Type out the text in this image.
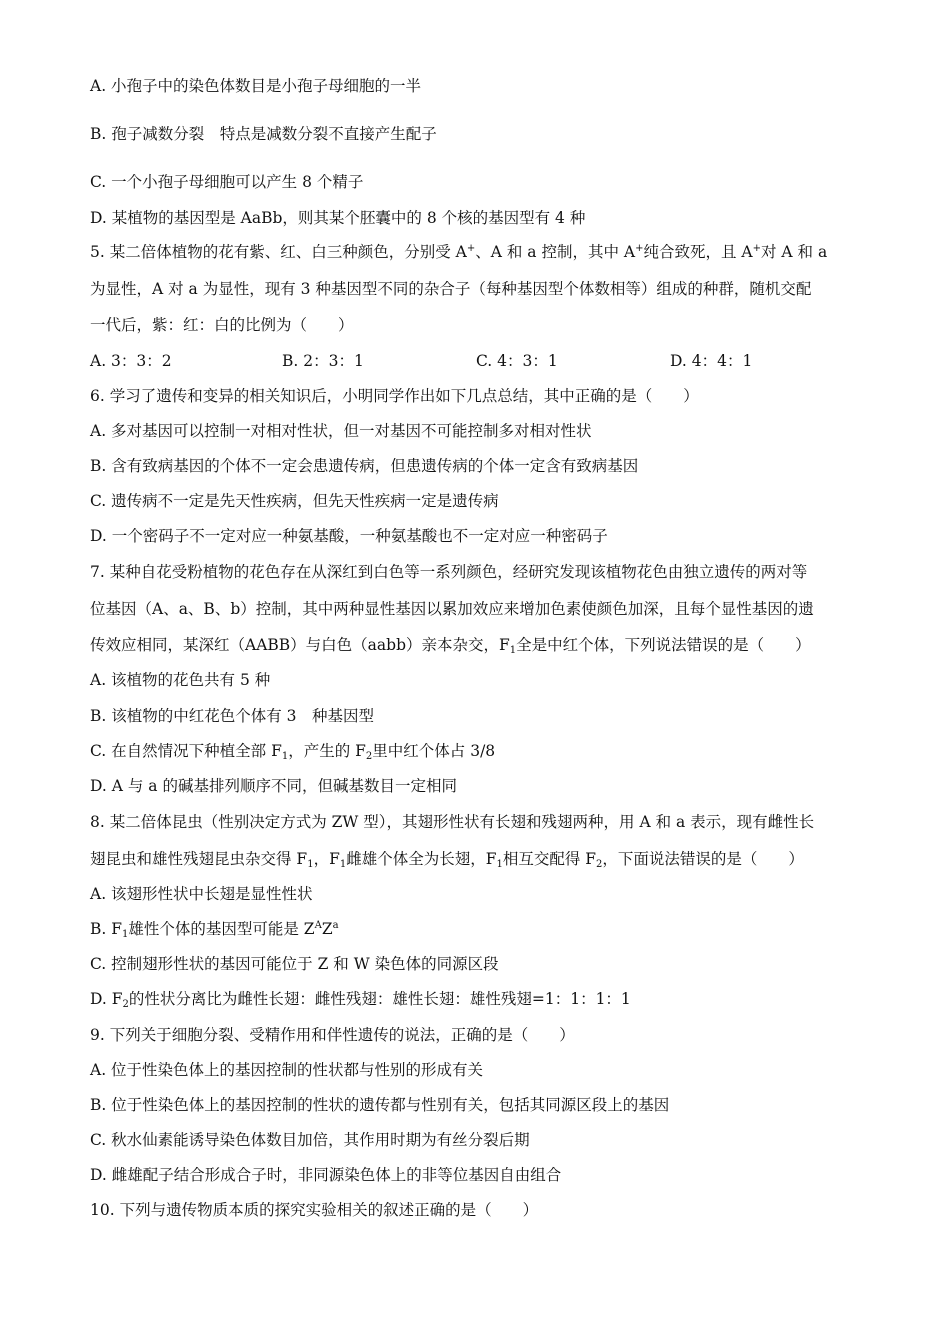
A. 小孢子中的染色体数目是小孢子母细胞的一半
B. 孢子减数分裂　特点是减数分裂不直接产生配子
C. 一个小孢子母细胞可以产生 8 个精子
D. 某植物的基因型是 AaBb，则其某个胚囊中的 8 个核的基因型有 4 种
5. 某二倍体植物的花有紫、红、白三种颜色，分别受 A+、A 和 a 控制，其中 A+纯合致死，且 A+对 A 和 a
为显性，A 对 a 为显性，现有 3 种基因型不同的杂合子（每种基因型个体数相等）组成的种群，随机交配
一代后，紫：红：白的比例为（　　）
A. 3：3：2	B. 2：3：1	C. 4：3：1	D. 4：4：1
6. 学习了遗传和变异的相关知识后，小明同学作出如下几点总结，其中正确的是（　　）
A. 多对基因可以控制一对相对性状，但一对基因不可能控制多对相对性状
B. 含有致病基因的个体不一定会患遗传病，但患遗传病的个体一定含有致病基因
C. 遗传病不一定是先天性疾病，但先天性疾病一定是遗传病
D. 一个密码子不一定对应一种氨基酸，一种氨基酸也不一定对应一种密码子
7. 某种自花受粉植物的花色存在从深红到白色等一系列颜色，经研究发现该植物花色由独立遗传的两对等
位基因（A、a、B、b）控制，其中两种显性基因以累加效应来增加色素使颜色加深，且每个显性基因的遗
传效应相同，某深红（AABB）与白色（aabb）亲本杂交，$F_1$全是中红个体，下列说法错误的是（　　）
A. 该植物的花色共有 5 种
B. 该植物的中红花色个体有 3　种基因型
C. 在自然情况下种植全部 $F_1$，产生的 $F_2$里中红个体占 3/8
D. A 与 a 的碱基排列顺序不同，但碱基数目一定相同
8. 某二倍体昆虫（性别决定方式为 ZW 型），其翅形性状有长翅和残翅两种，用 A 和 a 表示，现有雌性长
翅昆虫和雄性残翅昆虫杂交得 $F_1$，$F_1$雌雄个体全为长翅，$F_1$相互交配得 $F_2$，下面说法错误的是（　　）
A. 该翅形性状中长翅是显性性状
B. $F_1$雄性个体的基因型可能是 $Z^AZ^a$
C. 控制翅形性状的基因可能位于 Z 和 W 染色体的同源区段
D. $F_2$的性状分离比为雌性长翅：雌性残翅：雄性长翅：雄性残翅=1：1：1：1
9. 下列关于细胞分裂、受精作用和伴性遗传的说法，正确的是（　　）
A. 位于性染色体上的基因控制的性状都与性别的形成有关
B. 位于性染色体上的基因控制的性状的遗传都与性别有关，包括其同源区段上的基因
C. 秋水仙素能诱导染色体数目加倍，其作用时期为有丝分裂后期
D. 雌雄配子结合形成合子时，非同源染色体上的非等位基因自由组合
10. 下列与遗传物质本质的探究实验相关的叙述正确的是（　　）
